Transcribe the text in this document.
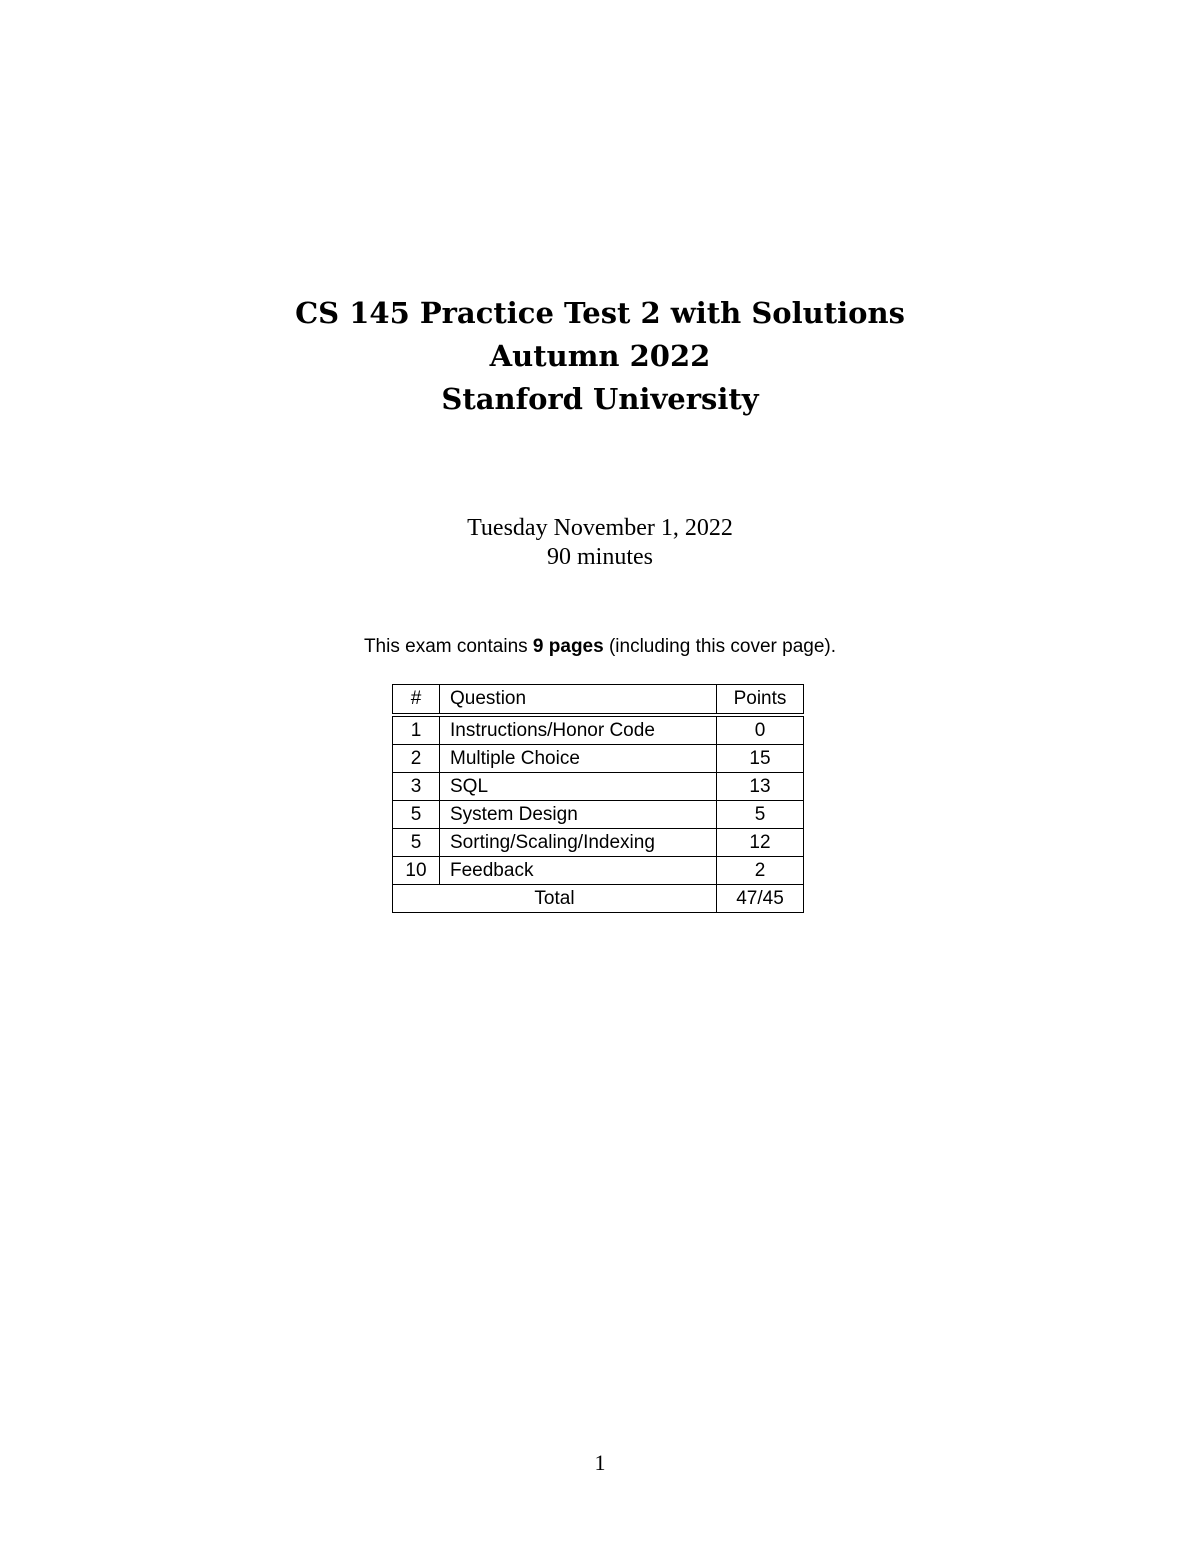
CS 145 Practice Test 2 with Solutions
Autumn 2022
Stanford University
Tuesday November 1, 2022
90 minutes
This exam contains 9 pages (including this cover page).
#	Question	Points
1	Instructions/Honor Code	0
2	Multiple Choice	15
3	SQL	13
5	System Design	5
5	Sorting/Scaling/Indexing	12
10	Feedback	2
Total		47/45
1
